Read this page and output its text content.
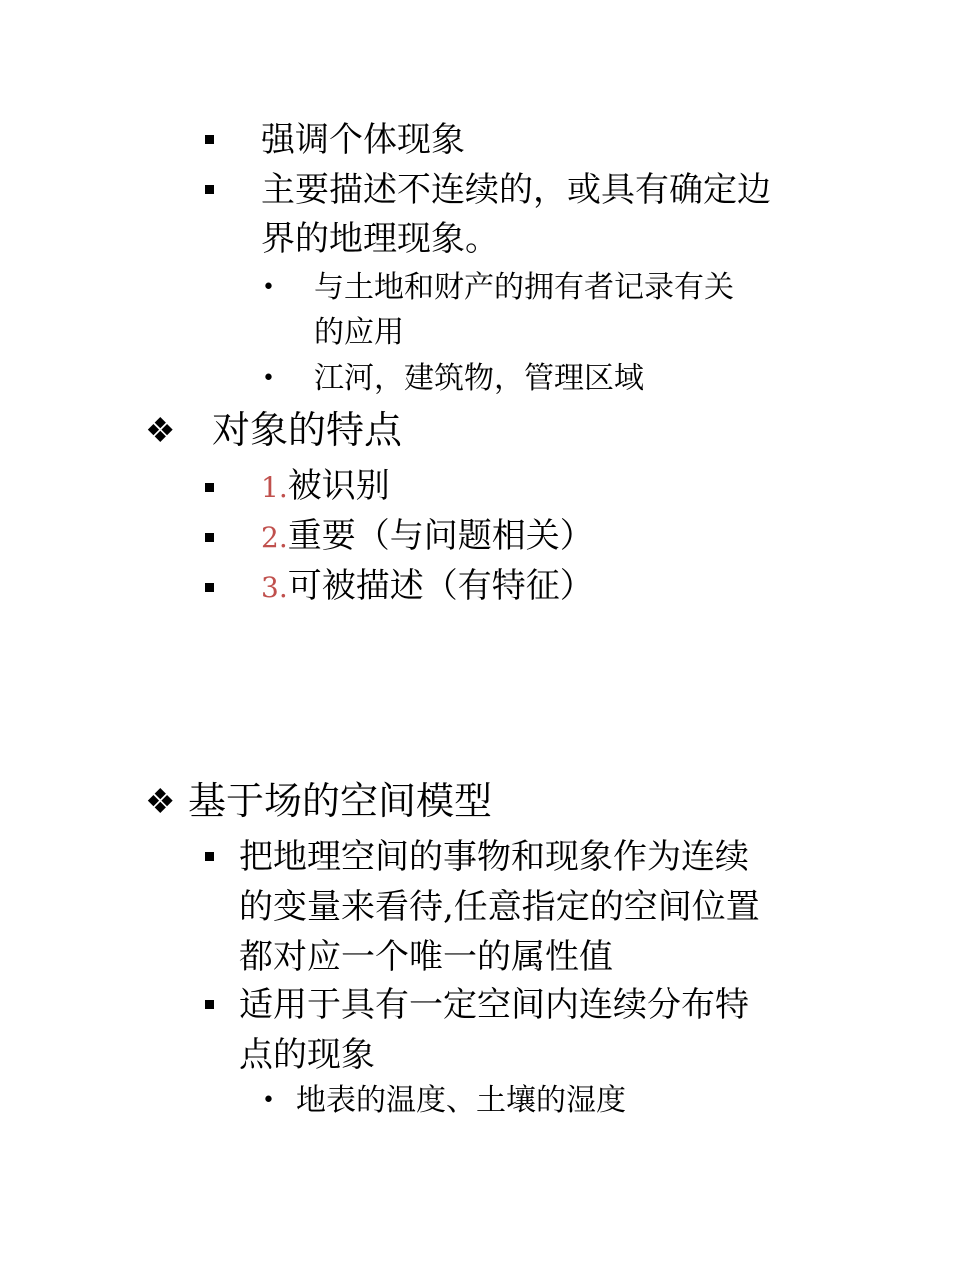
强调个体现象
主要描述不连续的，或具有确定边
界的地理现象。
• 与土地和财产的拥有者记录有关
的应用
• 江河，建筑物，管理区域
❖ 对象的特点
1.被识别
2.重要（与问题相关）
3.可被描述（有特征）
❖ 基于场的空间模型
把地理空间的事物和现象作为连续
的变量来看待,任意指定的空间位置
都对应一个唯一的属性值
适用于具有一定空间内连续分布特
点的现象
• 地表的温度、土壤的湿度
